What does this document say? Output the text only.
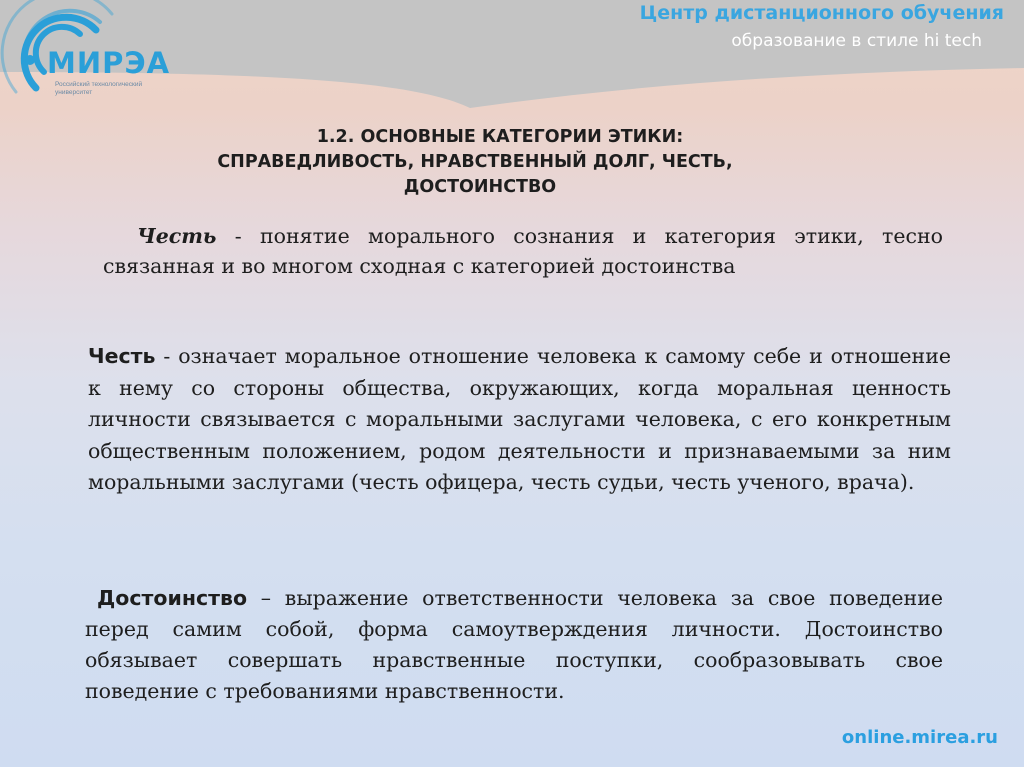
МИРЭА
Российский технологический университет
Центр дистанционного обучения
образование в стиле hi tech
1.2. ОСНОВНЫЕ КАТЕГОРИИ ЭТИКИ:
СПРАВЕДЛИВОСТЬ, НРАВСТВЕННЫЙ ДОЛГ, ЧЕСТЬ,
ДОСТОИНСТВО

Честь - понятие морального сознания и категория этики, тесно связанная и во многом сходная с категорией достоинства

Честь - означает моральное отношение человека к самому себе и отношение к нему со стороны общества, окружающих, когда моральная ценность личности связывается с моральными заслугами человека, с его конкретным общественным положением, родом деятельности и признаваемыми за ним моральными заслугами (честь офицера, честь судьи, честь ученого, врача).

Достоинство – выражение ответственности человека за свое поведение перед самим собой, форма самоутверждения личности. Достоинство обязывает совершать нравственные поступки, сообразовывать свое поведение с требованиями нравственности.

online.mirea.ru
